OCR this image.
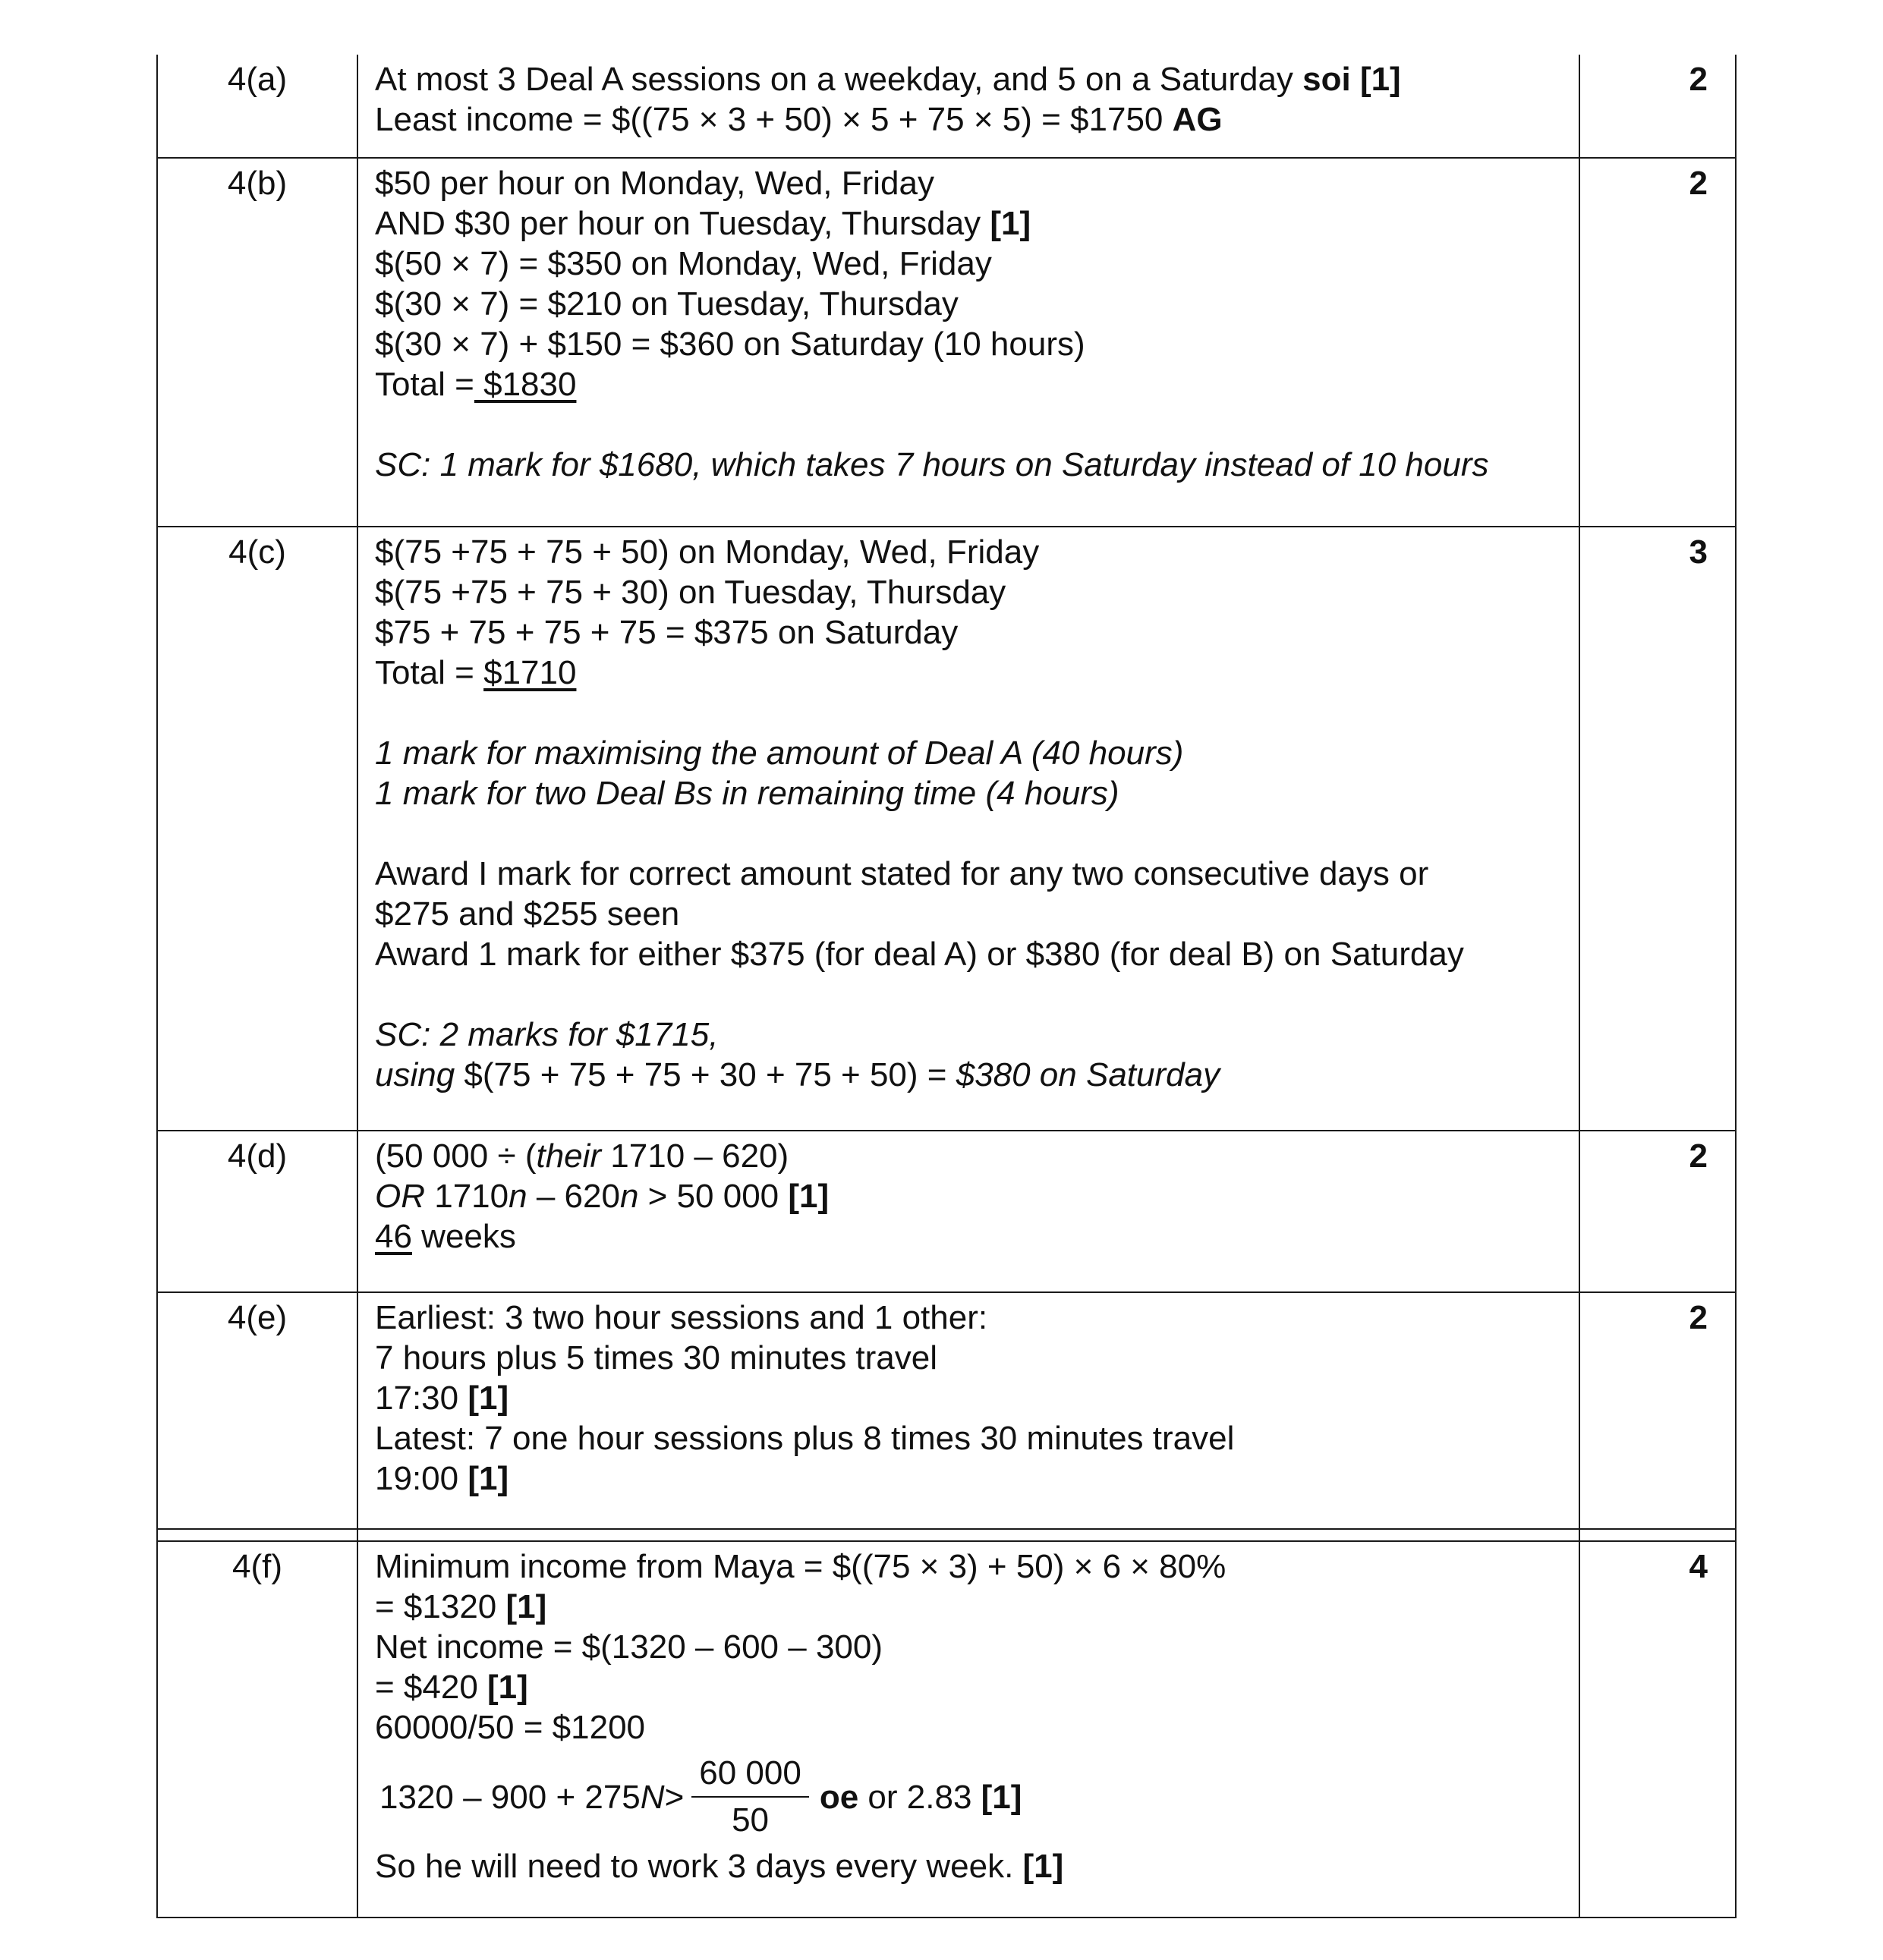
4(a)	At most 3 Deal A sessions on a weekday, and 5 on a Saturday soi [1]
Least income = $((75 × 3 + 50) × 5 + 75 × 5) = $1750 AG
2
4(b)	$50 per hour on Monday, Wed, Friday
AND $30 per hour on Tuesday, Thursday [1]
$(50 × 7) = $350 on Monday, Wed, Friday
$(30 × 7) = $210 on Tuesday, Thursday
$(30 × 7) + $150 = $360 on Saturday (10 hours)
Total = $1830
SC: 1 mark for $1680, which takes 7 hours on Saturday instead of 10 hours
2
4(c)	$(75 +75 + 75 + 50) on Monday, Wed, Friday
$(75 +75 + 75 + 30) on Tuesday, Thursday
$75 + 75 + 75 + 75 = $375 on Saturday
Total = $1710
1 mark for maximising the amount of Deal A (40 hours)
1 mark for two Deal Bs in remaining time (4 hours)
Award I mark for correct amount stated for any two consecutive days or
$275 and $255 seen
Award 1 mark for either $375 (for deal A) or $380 (for deal B) on Saturday
SC: 2 marks for $1715,
using $(75 + 75 + 75 + 30 + 75 + 50) = $380 on Saturday
3
4(d)	(50 000 ÷ (their 1710 – 620)
OR 1710n – 620n > 50 000 [1]
46 weeks
2
4(e)	Earliest: 3 two hour sessions and 1 other:
7 hours plus 5 times 30 minutes travel
17:30 [1]
Latest: 7 one hour sessions plus 8 times 30 minutes travel
19:00 [1]
2
4(f)	Minimum income from Maya = $((75 × 3) + 50) × 6 × 80%
= $1320 [1]
Net income = $(1320 – 600 – 300)
= $420 [1]
60000/50 = $1200
1320 – 900 + 275 $N > \frac{60 000}{50}$ oe or 2.83 [1]
So he will need to work 3 days every week. [1]
4
